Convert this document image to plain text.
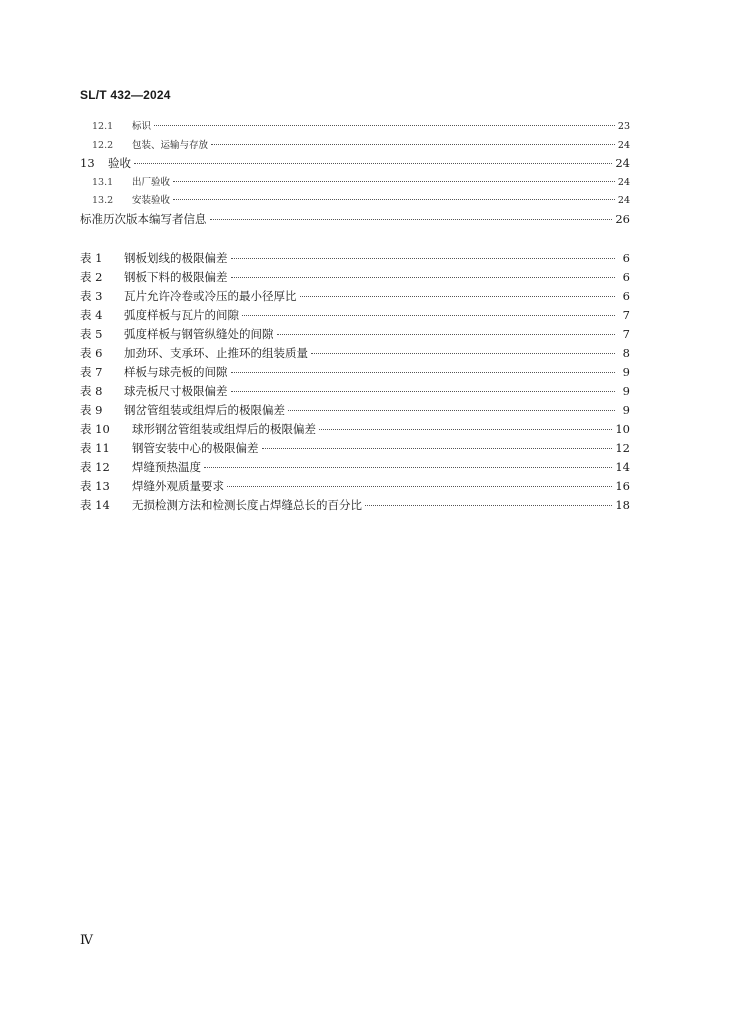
SL/T 432—2024
12.1	标识	23
12.2	包装、运输与存放	24
13	验收	24
13.1	出厂验收	24
13.2	安装验收	24
标准历次版本编写者信息	26
表 1	钢板划线的极限偏差	6
表 2	钢板下料的极限偏差	6
表 3	瓦片允许冷卷或冷压的最小径厚比	6
表 4	弧度样板与瓦片的间隙	7
表 5	弧度样板与钢管纵缝处的间隙	7
表 6	加劲环、支承环、止推环的组装质量	8
表 7	样板与球壳板的间隙	9
表 8	球壳板尺寸极限偏差	9
表 9	钢岔管组装或组焊后的极限偏差	9
表 10	球形钢岔管组装或组焊后的极限偏差	10
表 11	钢管安装中心的极限偏差	12
表 12	焊缝预热温度	14
表 13	焊缝外观质量要求	16
表 14	无损检测方法和检测长度占焊缝总长的百分比	18
Ⅳ
